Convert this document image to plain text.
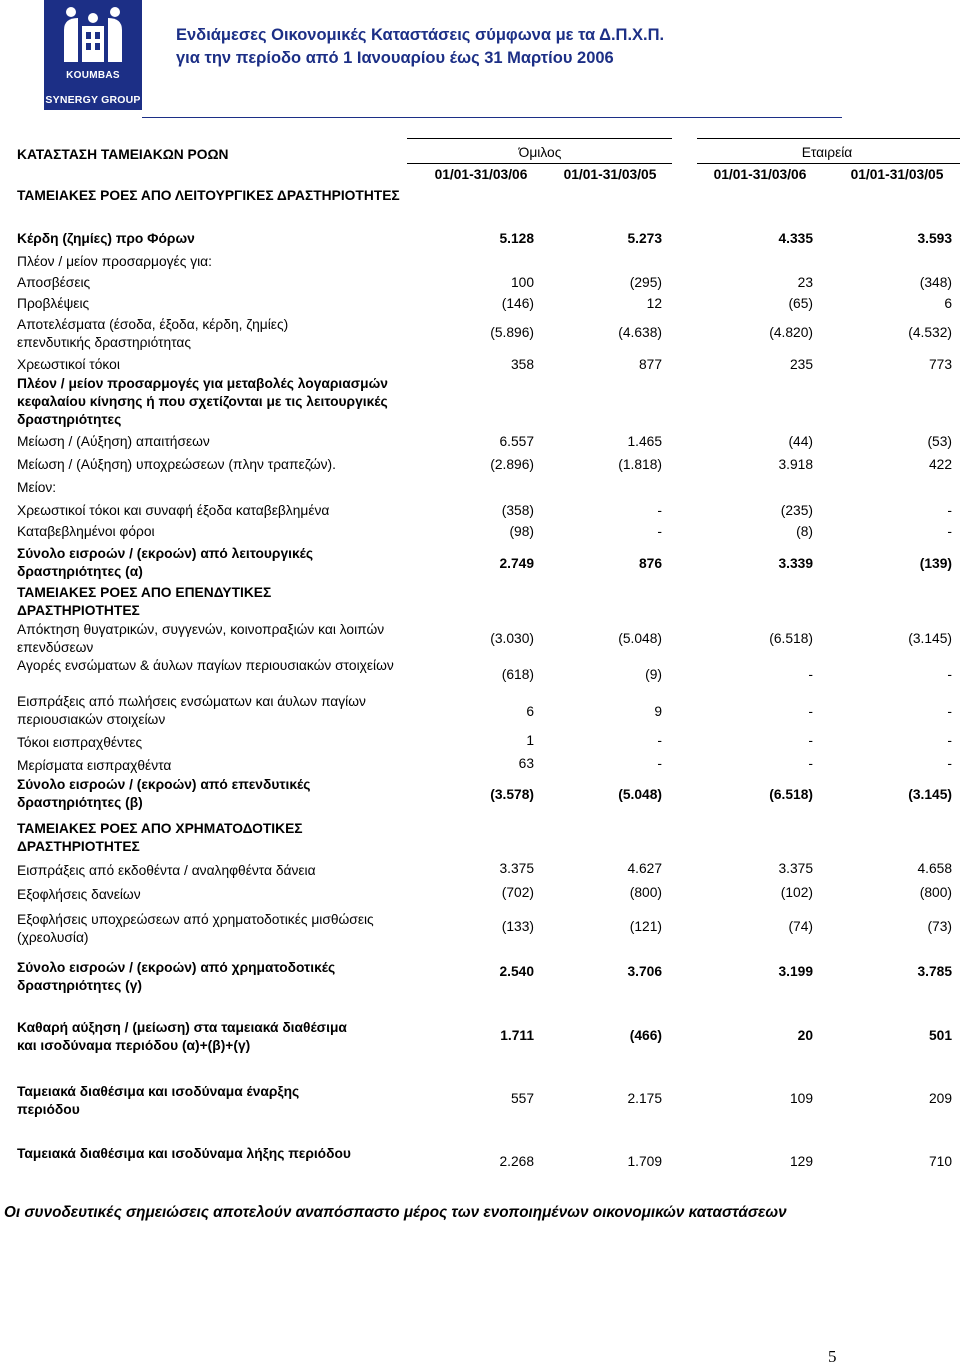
KOUMBAS
SYNERGY GROUP
Ενδιάμεσες Οικονομικές Καταστάσεις σύμφωνα με τα Δ.Π.Χ.Π.
για την περίοδο από 1 Ιανουαρίου έως 31 Μαρτίου 2006
ΚΑΤΑΣΤΑΣΗ ΤΑΜΕΙΑΚΩΝ ΡΟΩΝ	Όμιλος	Εταιρεία
01/01-31/03/06	01/01-31/03/05	01/01-31/03/06	01/01-31/03/05
ΤΑΜΕΙΑΚΕΣ ΡΟΕΣ ΑΠΟ ΛΕΙΤΟΥΡΓΙΚΕΣ ΔΡΑΣΤΗΡΙΟΤΗΤΕΣ
Κέρδη (ζημίες) προ Φόρων	5.128	5.273	4.335	3.593
Πλέον / μείον προσαρμογές για:
Αποσβέσεις	100	(295)	23	(348)
Προβλέψεις	(146)	12	(65)	6
Αποτελέσματα (έσοδα, έξοδα, κέρδη, ζημίες) επενδυτικής δραστηριότητας
(5.896)	(4.638)	(4.820)	(4.532)
Χρεωστικοί τόκοι	358	877	235	773
Πλέον / μείον προσαρμογές για μεταβολές λογαριασμών κεφαλαίου κίνησης ή που σχετίζονται με τις λειτουργικές δραστηριότητες
Μείωση / (Αύξηση) απαιτήσεων	6.557	1.465	(44)	(53)
Μείωση / (Αύξηση) υποχρεώσεων (πλην τραπεζών).	(2.896)	(1.818)	3.918	422
Μείον:
Χρεωστικοί τόκοι και συναφή έξοδα καταβεβλημένα	(358)	-	(235)	-
Καταβεβλημένοι φόροι	(98)	-	(8)	-
Σύνολο εισροών / (εκροών) από λειτουργικές δραστηριότητες (α)
2.749	876	3.339	(139)
ΤΑΜΕΙΑΚΕΣ ΡΟΕΣ ΑΠΟ ΕΠΕΝΔΥΤΙΚΕΣ ΔΡΑΣΤΗΡΙΟΤΗΤΕΣ
Απόκτηση θυγατρικών, συγγενών, κοινοπραξιών και λοιπών επενδύσεων
(3.030)	(5.048)	(6.518)	(3.145)
Αγορές ενσώματων & άυλων παγίων περιουσιακών στοιχείων
(618)	(9)	-	-
Εισπράξεις από πωλήσεις ενσώματων και άυλων παγίων περιουσιακών στοιχείων
6	9	-	-
Τόκοι εισπραχθέντες	1	-	-	-
Μερίσματα εισπραχθέντα	63	-	-	-
Σύνολο εισροών / (εκροών) από επενδυτικές δραστηριότητες (β)
(3.578)	(5.048)	(6.518)	(3.145)
ΤΑΜΕΙΑΚΕΣ ΡΟΕΣ ΑΠΟ ΧΡΗΜΑΤΟΔΟΤΙΚΕΣ ΔΡΑΣΤΗΡΙΟΤΗΤΕΣ
Εισπράξεις από εκδοθέντα / αναληφθέντα δάνεια	3.375	4.627	3.375	4.658
Εξοφλήσεις δανείων	(702)	(800)	(102)	(800)
Εξοφλήσεις υποχρεώσεων από χρηματοδοτικές μισθώσεις (χρεολυσία)
(133)	(121)	(74)	(73)
Σύνολο εισροών / (εκροών) από χρηματοδοτικές δραστηριότητες (γ)
2.540	3.706	3.199	3.785
Καθαρή αύξηση / (μείωση) στα ταμειακά διαθέσιμα και ισοδύναμα περιόδου (α)+(β)+(γ)
1.711	(466)	20	501
Ταμειακά διαθέσιμα και ισοδύναμα έναρξης περιόδου
557	2.175	109	209
Ταμειακά διαθέσιμα και ισοδύναμα λήξης περιόδου
2.268	1.709	129	710
Οι συνοδευτικές σημειώσεις αποτελούν αναπόσπαστο μέρος των ενοποιημένων οικονομικών καταστάσεων
5
